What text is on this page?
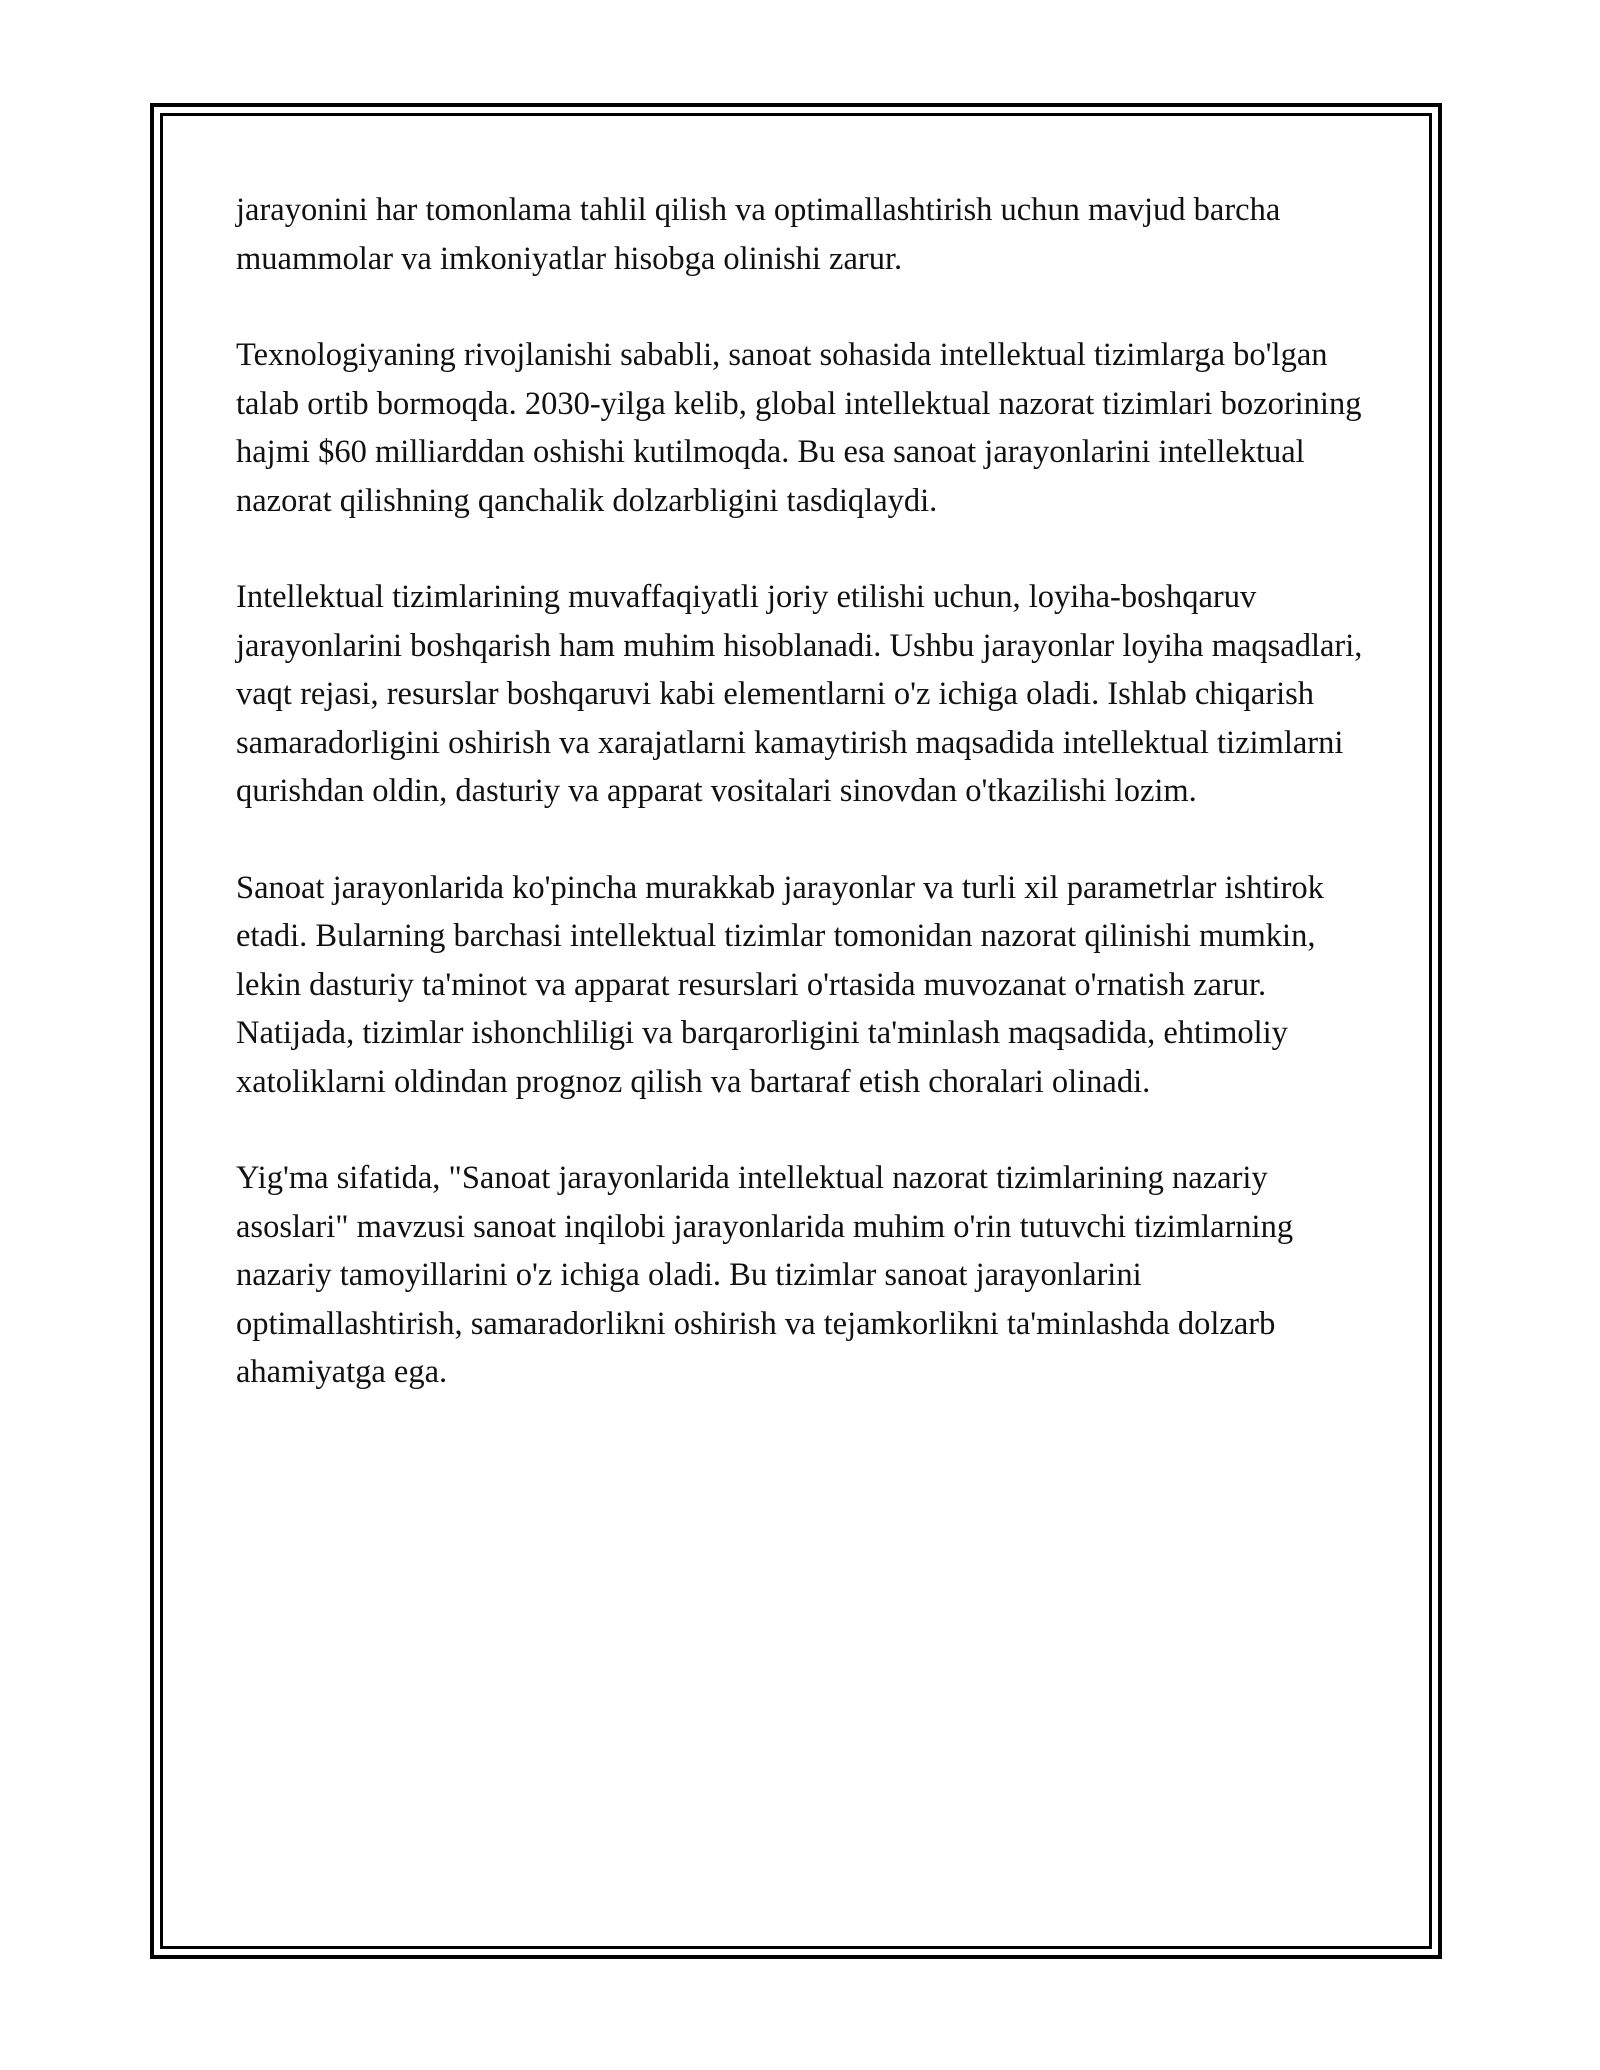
jarayonini har tomonlama tahlil qilish va optimallashtirish uchun mavjud barcha muammolar va imkoniyatlar hisobga olinishi zarur.

Texnologiyaning rivojlanishi sababli, sanoat sohasida intellektual tizimlarga bo'lgan talab ortib bormoqda. 2030-yilga kelib, global intellektual nazorat tizimlari bozorining hajmi $60 milliarddan oshishi kutilmoqda. Bu esa sanoat jarayonlarini intellektual nazorat qilishning qanchalik dolzarbligini tasdiqlaydi.

Intellektual tizimlarining muvaffaqiyatli joriy etilishi uchun, loyiha-boshqaruv jarayonlarini boshqarish ham muhim hisoblanadi. Ushbu jarayonlar loyiha maqsadlari, vaqt rejasi, resurslar boshqaruvi kabi elementlarni o'z ichiga oladi. Ishlab chiqarish samaradorligini oshirish va xarajatlarni kamaytirish maqsadida intellektual tizimlarni qurishdan oldin, dasturiy va apparat vositalari sinovdan o'tkazilishi lozim.

Sanoat jarayonlarida ko'pincha murakkab jarayonlar va turli xil parametrlar ishtirok etadi. Bularning barchasi intellektual tizimlar tomonidan nazorat qilinishi mumkin, lekin dasturiy ta'minot va apparat resurslari o'rtasida muvozanat o'rnatish zarur. Natijada, tizimlar ishonchliligi va barqarorligini ta'minlash maqsadida, ehtimoliy xatoliklarni oldindan prognoz qilish va bartaraf etish choralari olinadi.

Yig'ma sifatida, "Sanoat jarayonlarida intellektual nazorat tizimlarining nazariy asoslari" mavzusi sanoat inqilobi jarayonlarida muhim o'rin tutuvchi tizimlarning nazariy tamoyillarini o'z ichiga oladi. Bu tizimlar sanoat jarayonlarini optimallashtirish, samaradorlikni oshirish va tejamkorlikni ta'minlashda dolzarb ahamiyatga ega.
